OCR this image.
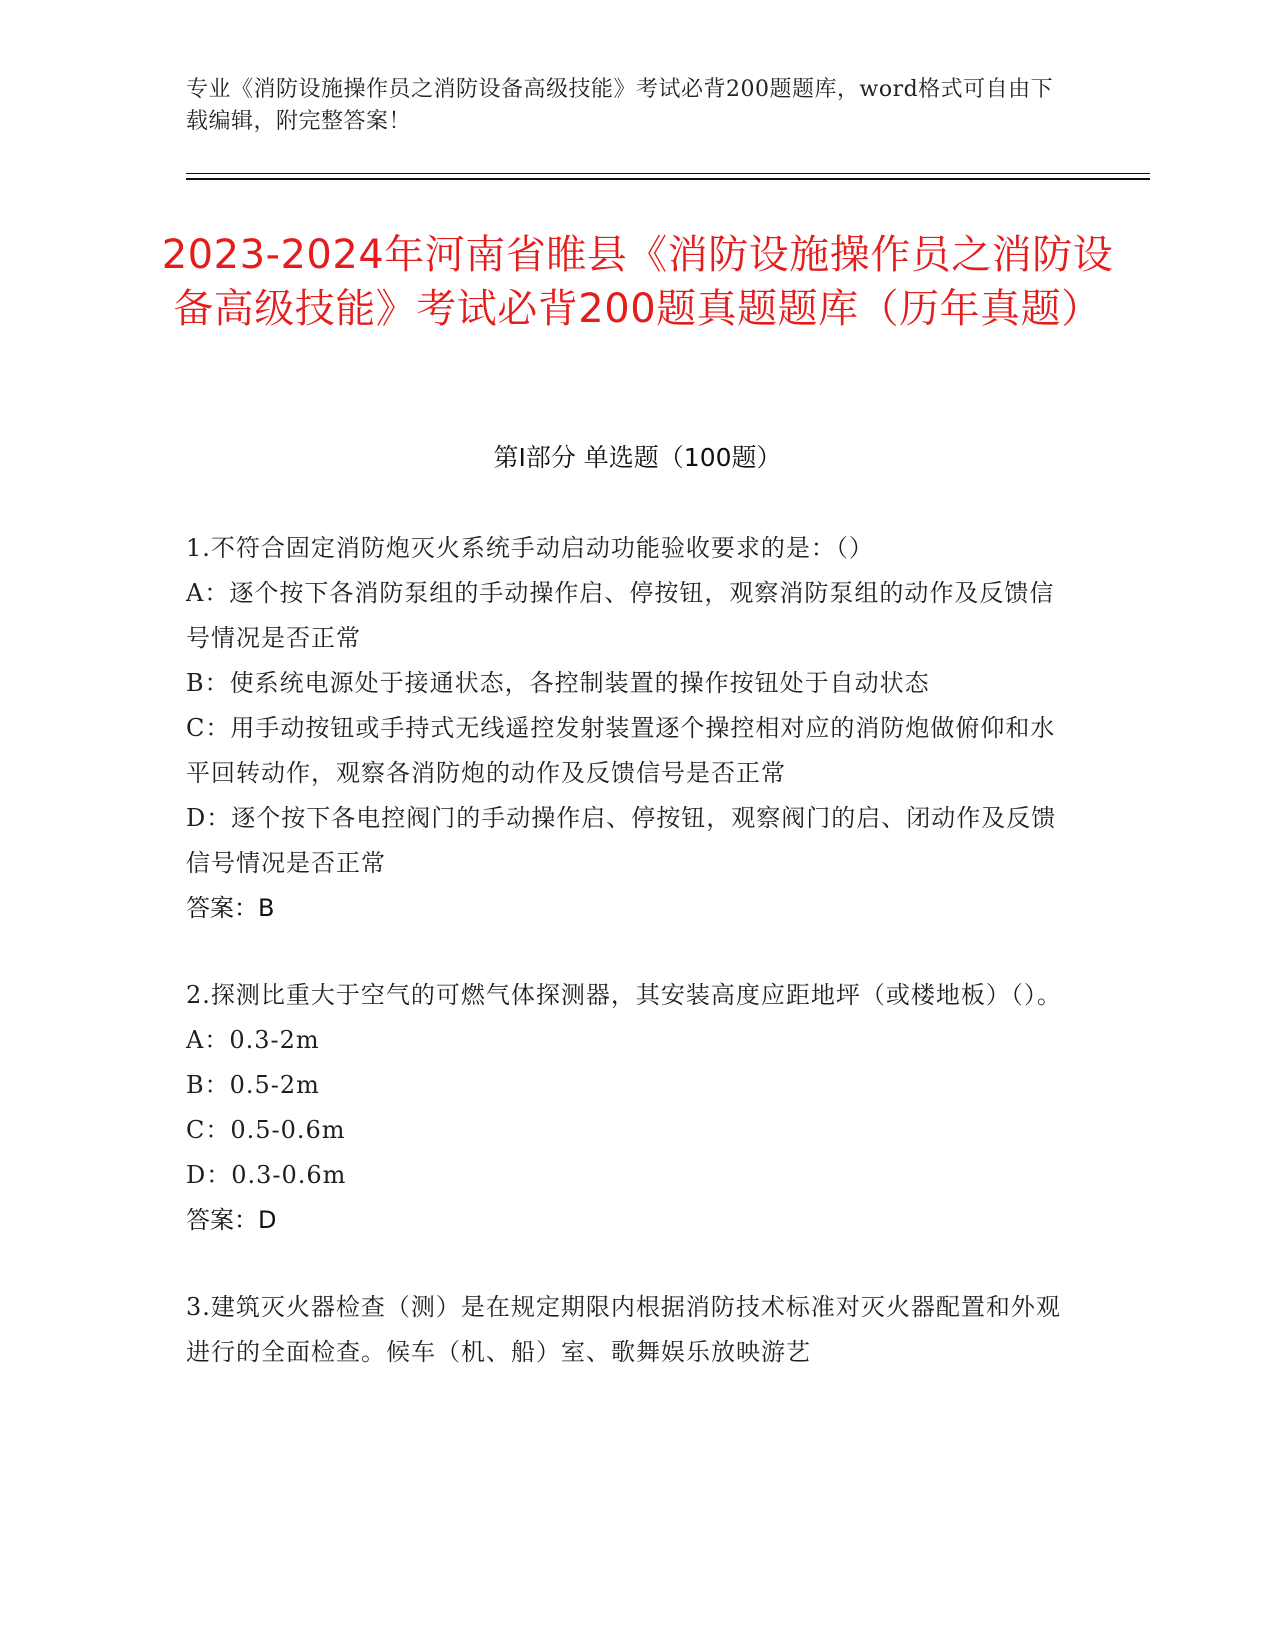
专业《消防设施操作员之消防设备高级技能》考试必背200题题库，word格式可自由下载编辑，附完整答案！
2023-2024年河南省睢县《消防设施操作员之消防设备高级技能》考试必背200题真题题库（历年真题）
第Ⅰ部分 单选题（100题）

1.不符合固定消防炮灭火系统手动启动功能验收要求的是：（）

A：逐个按下各消防泵组的手动操作启、停按钮，观察消防泵组的动作及反馈信号情况是否正常

B：使系统电源处于接通状态，各控制装置的操作按钮处于自动状态

C：用手动按钮或手持式无线遥控发射装置逐个操控相对应的消防炮做俯仰和水平回转动作，观察各消防炮的动作及反馈信号是否正常

D：逐个按下各电控阀门的手动操作启、停按钮，观察阀门的启、闭动作及反馈信号情况是否正常

答案：B

2.探测比重大于空气的可燃气体探测器，其安装高度应距地坪（或楼地板）（）。

A：0.3-2m

B：0.5-2m

C：0.5-0.6m

D：0.3-0.6m

答案：D

3.建筑灭火器检查（测）是在规定期限内根据消防技术标准对灭火器配置和外观进行的全面检查。候车（机、船）室、歌舞娱乐放映游艺
